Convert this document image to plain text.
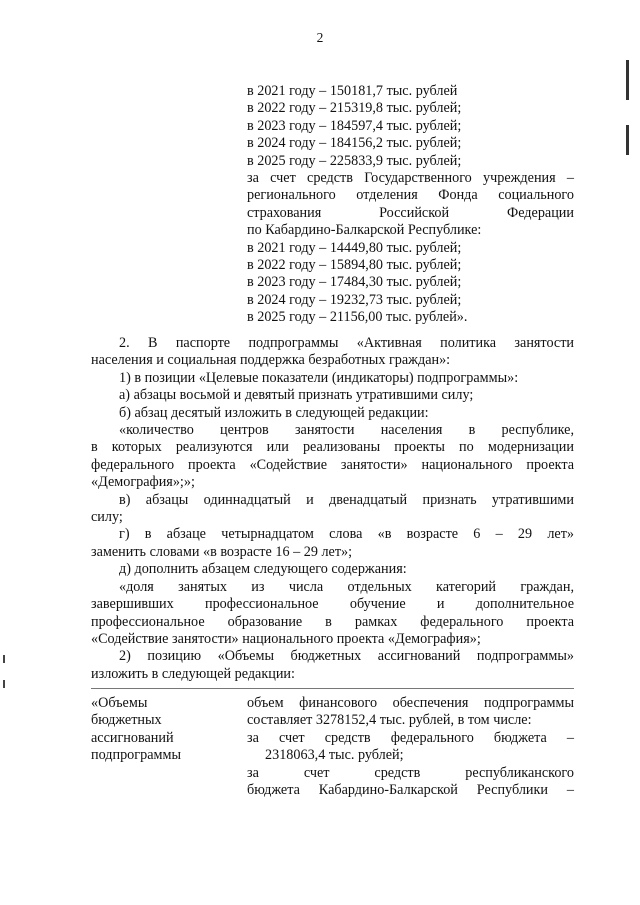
2
в 2021 году – 150181,7 тыс. рублей
в 2022 году – 215319,8 тыс. рублей;
в 2023 году – 184597,4 тыс. рублей;
в 2024 году – 184156,2 тыс. рублей;
в 2025 году – 225833,9 тыс. рублей;
за счет средств Государственного учреждения –
регионального отделения Фонда социального
страхования Российской Федерации
по Кабардино-Балкарской Республике:
в 2021 году – 14449,80 тыс. рублей;
в 2022 году – 15894,80 тыс. рублей;
в 2023 году – 17484,30 тыс. рублей;
в 2024 году – 19232,73 тыс. рублей;
в 2025 году – 21156,00 тыс. рублей».
2. В паспорте подпрограммы «Активная политика занятости
населения и социальная поддержка безработных граждан»:
1) в позиции «Целевые показатели (индикаторы) подпрограммы»:
а) абзацы восьмой и девятый признать утратившими силу;
б) абзац десятый изложить в следующей редакции:
«количество центров занятости населения в республике,
в которых реализуются или реализованы проекты по модернизации
федерального проекта «Содействие занятости» национального проекта
«Демография»;»;
в) абзацы одиннадцатый и двенадцатый признать утратившими
силу;
г) в абзаце четырнадцатом слова «в возрасте 6 – 29 лет»
заменить словами «в возрасте 16 – 29 лет»;
д) дополнить абзацем следующего содержания:
«доля занятых из числа отдельных категорий граждан,
завершивших профессиональное обучение и дополнительное
профессиональное образование в рамках федерального проекта
«Содействие занятости» национального проекта «Демография»;
2) позицию «Объемы бюджетных ассигнований подпрограммы»
изложить в следующей редакции:
«Объемы
бюджетных
ассигнований
подпрограммы
объем финансового обеспечения подпрограммы
составляет 3278152,4 тыс. рублей, в том числе:
за счет средств федерального бюджета –
2318063,4 тыс. рублей;
за счет средств республиканского
бюджета Кабардино-Балкарской Республики –
